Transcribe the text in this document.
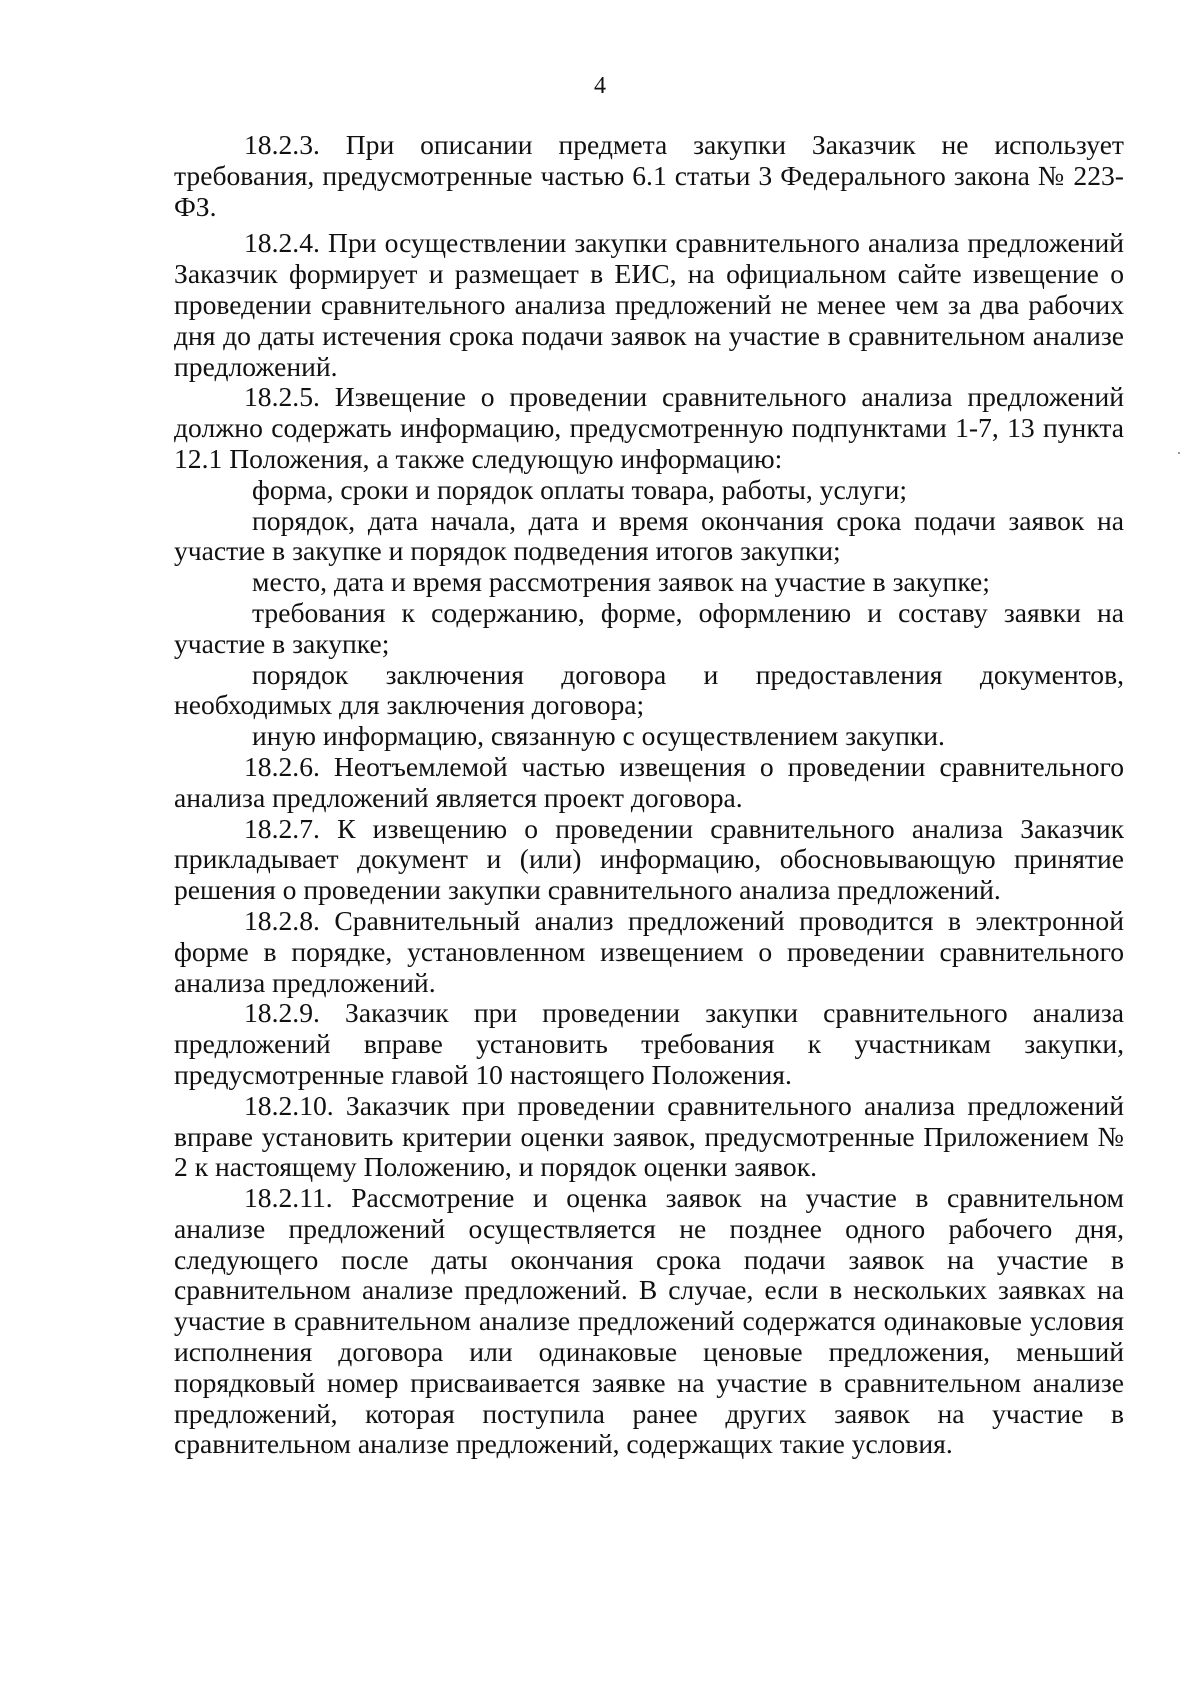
4

18.2.3. При описании предмета закупки Заказчик не использует требования, предусмотренные частью 6.1 статьи 3 Федерального закона № 223-ФЗ.

18.2.4. При осуществлении закупки сравнительного анализа предложений Заказчик формирует и размещает в ЕИС, на официальном сайте извещение о проведении сравнительного анализа предложений не менее чем за два рабочих дня до даты истечения срока подачи заявок на участие в сравнительном анализе предложений.

18.2.5. Извещение о проведении сравнительного анализа предложений должно содержать информацию, предусмотренную подпунктами 1-7, 13 пункта 12.1 Положения, а также следующую информацию:

форма, сроки и порядок оплаты товара, работы, услуги;

порядок, дата начала, дата и время окончания срока подачи заявок на участие в закупке и порядок подведения итогов закупки;

место, дата и время рассмотрения заявок на участие в закупке;

требования к содержанию, форме, оформлению и составу заявки на участие в закупке;

порядок заключения договора и предоставления документов, необходимых для заключения договора;

иную информацию, связанную с осуществлением закупки.

18.2.6. Неотъемлемой частью извещения о проведении сравнительного анализа предложений является проект договора.

18.2.7. К извещению о проведении сравнительного анализа Заказчик прикладывает документ и (или) информацию, обосновывающую принятие решения о проведении закупки сравнительного анализа предложений.

18.2.8. Сравнительный анализ предложений проводится в электронной форме в порядке, установленном извещением о проведении сравнительного анализа предложений.

18.2.9. Заказчик при проведении закупки сравнительного анализа предложений вправе установить требования к участникам закупки, предусмотренные главой 10 настоящего Положения.

18.2.10. Заказчик при проведении сравнительного анализа предложений вправе установить критерии оценки заявок, предусмотренные Приложением № 2 к настоящему Положению, и порядок оценки заявок.

18.2.11. Рассмотрение и оценка заявок на участие в сравнительном анализе предложений осуществляется не позднее одного рабочего дня, следующего после даты окончания срока подачи заявок на участие в сравнительном анализе предложений. В случае, если в нескольких заявках на участие в сравнительном анализе предложений содержатся одинаковые условия исполнения договора или одинаковые ценовые предложения, меньший порядковый номер присваивается заявке на участие в сравнительном анализе предложений, которая поступила ранее других заявок на участие в сравнительном анализе предложений, содержащих такие условия.
